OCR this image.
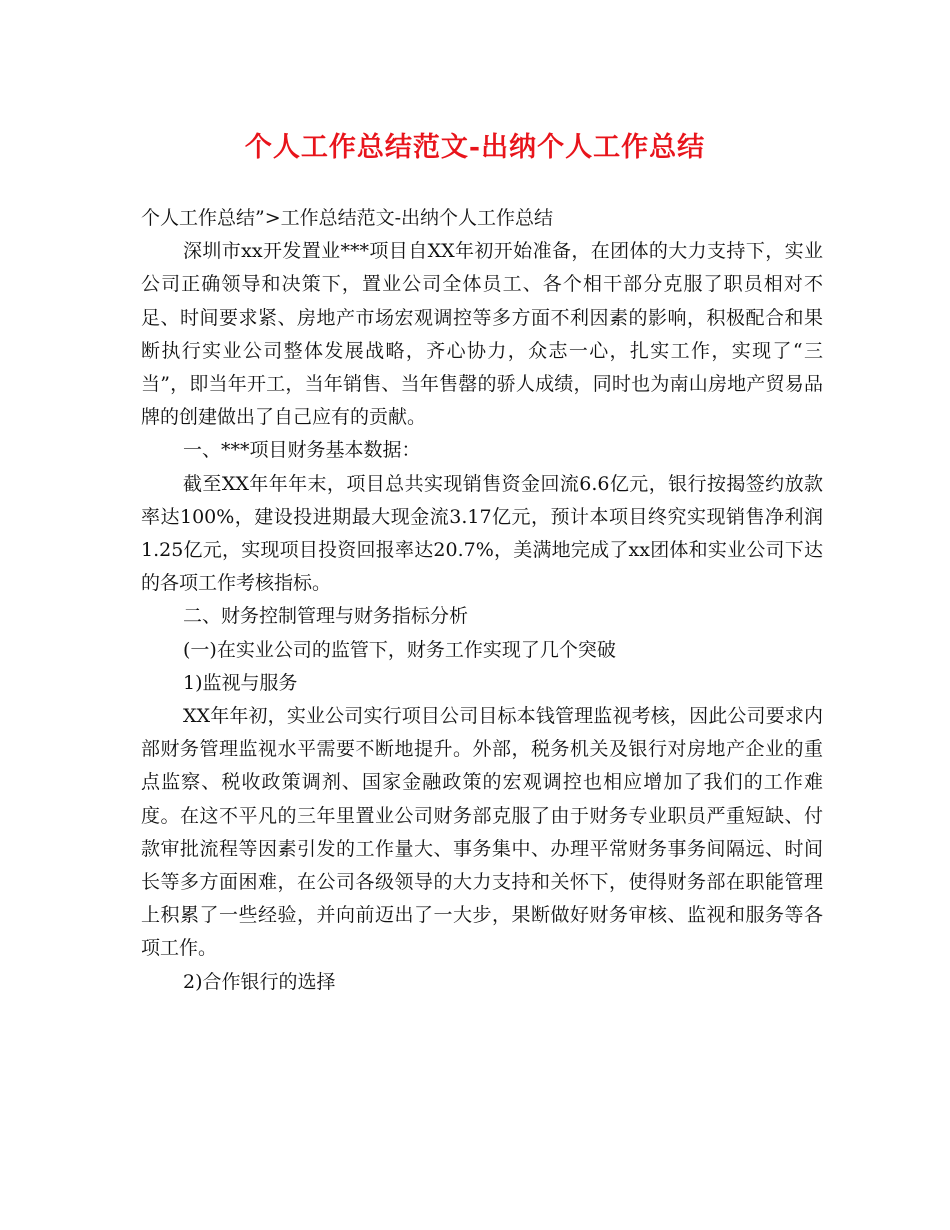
个人工作总结范文-出纳个人工作总结

个人工作总结”>工作总结范文-出纳个人工作总结

深圳市xx开发置业***项目自XX年初开始准备，在团体的大力支持下，实业公司正确领导和决策下，置业公司全体员工、各个相干部分克服了职员相对不足、时间要求紧、房地产市场宏观调控等多方面不利因素的影响，积极配合和果断执行实业公司整体发展战略，齐心协力，众志一心，扎实工作，实现了“三当”，即当年开工，当年销售、当年售罄的骄人成绩，同时也为南山房地产贸易品牌的创建做出了自己应有的贡献。

一、***项目财务基本数据：

截至XX年年年末，项目总共实现销售资金回流6.6亿元，银行按揭签约放款率达100%，建设投进期最大现金流3.17亿元，预计本项目终究实现销售净利润1.25亿元，实现项目投资回报率达20.7%，美满地完成了xx团体和实业公司下达的各项工作考核指标。

二、财务控制管理与财务指标分析

(一)在实业公司的监管下，财务工作实现了几个突破

1)监视与服务

XX年年初，实业公司实行项目公司目标本钱管理监视考核，因此公司要求内部财务管理监视水平需要不断地提升。外部，税务机关及银行对房地产企业的重点监察、税收政策调剂、国家金融政策的宏观调控也相应增加了我们的工作难度。在这不平凡的三年里置业公司财务部克服了由于财务专业职员严重短缺、付款审批流程等因素引发的工作量大、事务集中、办理平常财务事务间隔远、时间长等多方面困难，在公司各级领导的大力支持和关怀下，使得财务部在职能管理上积累了一些经验，并向前迈出了一大步，果断做好财务审核、监视和服务等各项工作。

2)合作银行的选择
